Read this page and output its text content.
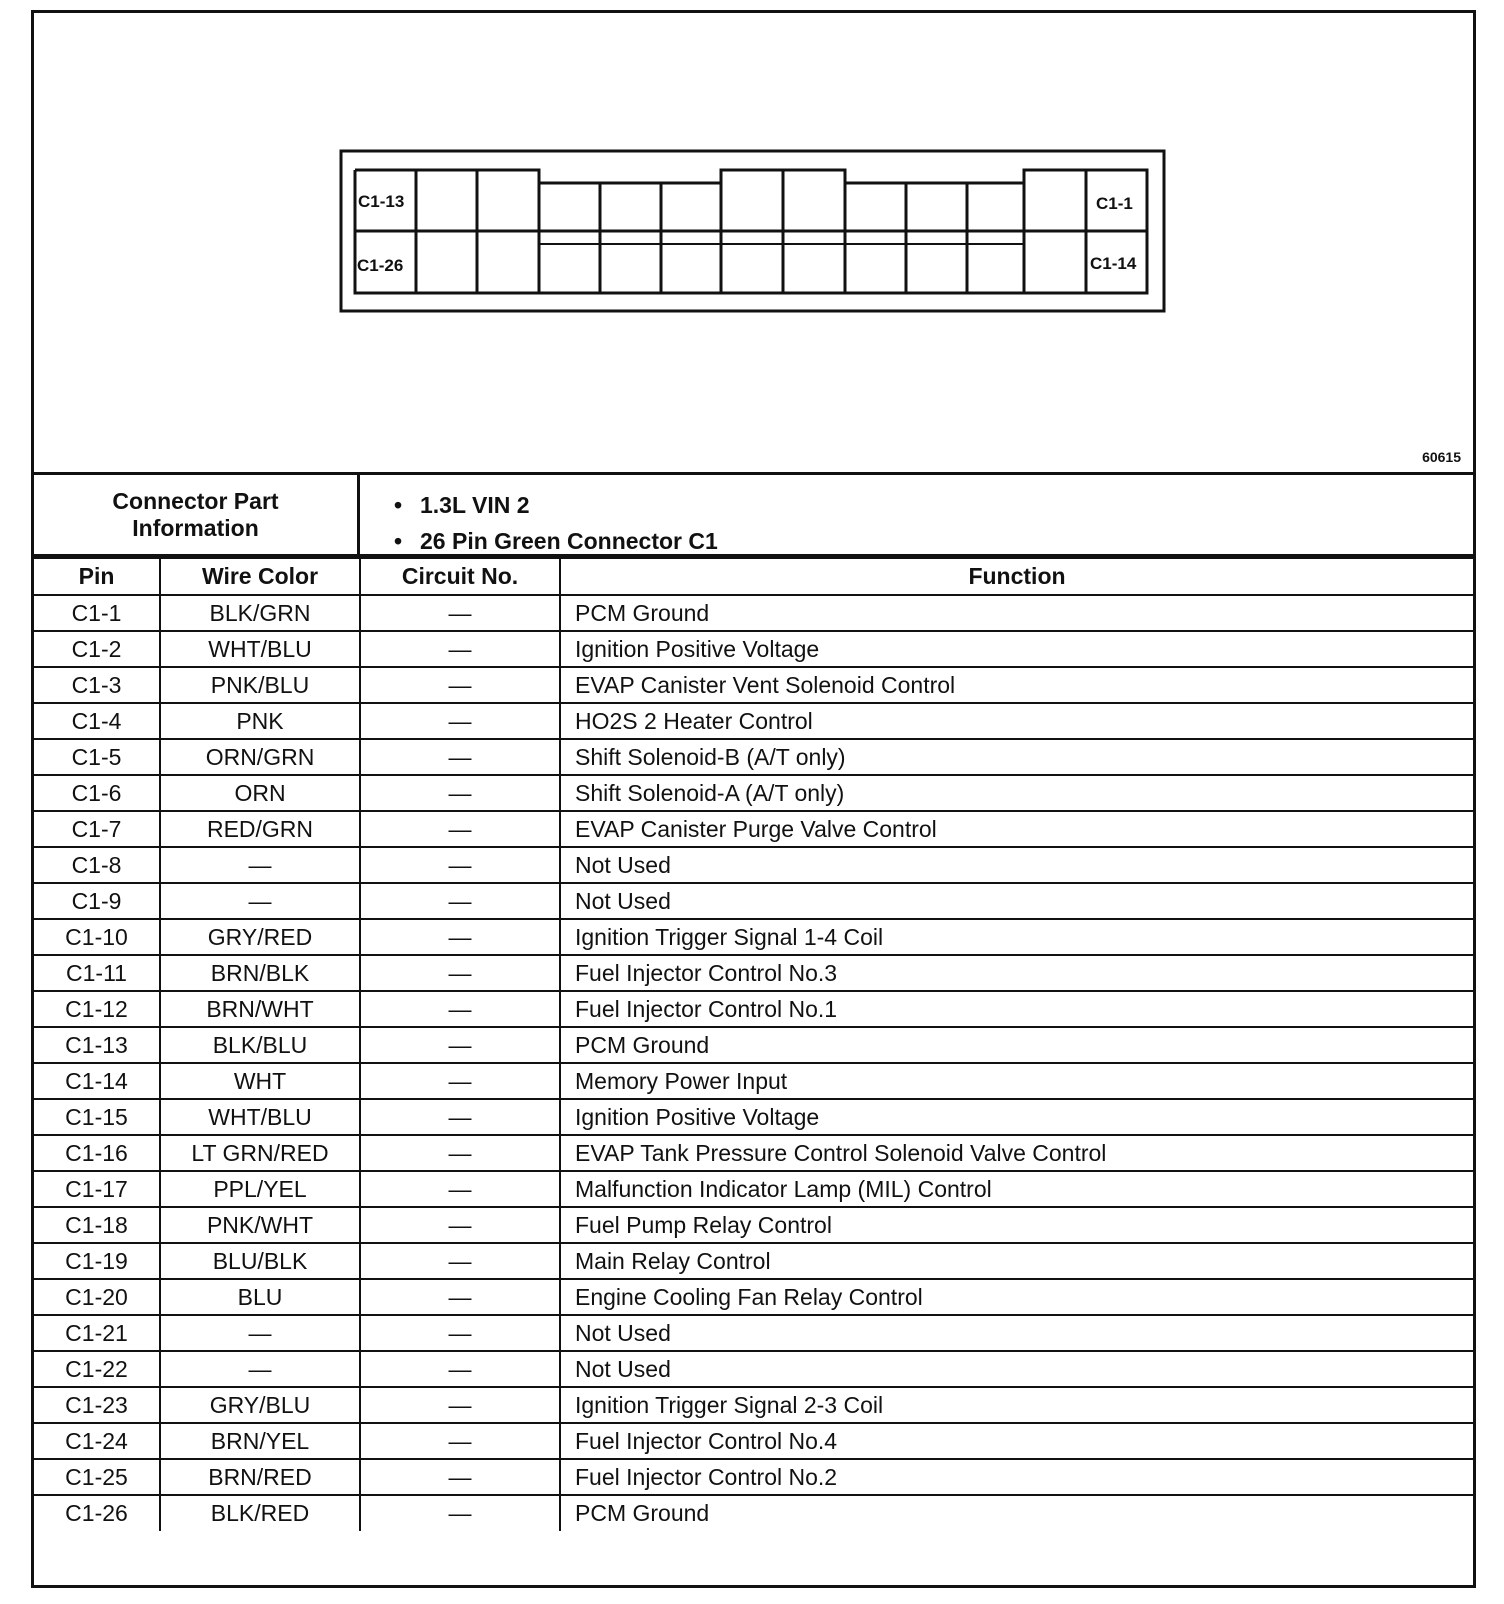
C1-13
C1-26
C1-1
C1-14
60615
Connector Part
Information
• 1.3L VIN 2
• 26 Pin Green Connector C1
Pin	Wire Color	Circuit No.	Function
C1-1	BLK/GRN	—	PCM Ground
C1-2	WHT/BLU	—	Ignition Positive Voltage
C1-3	PNK/BLU	—	EVAP Canister Vent Solenoid Control
C1-4	PNK	—	HO2S 2 Heater Control
C1-5	ORN/GRN	—	Shift Solenoid-B (A/T only)
C1-6	ORN	—	Shift Solenoid-A (A/T only)
C1-7	RED/GRN	—	EVAP Canister Purge Valve Control
C1-8	—	—	Not Used
C1-9	—	—	Not Used
C1-10	GRY/RED	—	Ignition Trigger Signal 1-4 Coil
C1-11	BRN/BLK	—	Fuel Injector Control No.3
C1-12	BRN/WHT	—	Fuel Injector Control No.1
C1-13	BLK/BLU	—	PCM Ground
C1-14	WHT	—	Memory Power Input
C1-15	WHT/BLU	—	Ignition Positive Voltage
C1-16	LT GRN/RED	—	EVAP Tank Pressure Control Solenoid Valve Control
C1-17	PPL/YEL	—	Malfunction Indicator Lamp (MIL) Control
C1-18	PNK/WHT	—	Fuel Pump Relay Control
C1-19	BLU/BLK	—	Main Relay Control
C1-20	BLU	—	Engine Cooling Fan Relay Control
C1-21	—	—	Not Used
C1-22	—	—	Not Used
C1-23	GRY/BLU	—	Ignition Trigger Signal 2-3 Coil
C1-24	BRN/YEL	—	Fuel Injector Control No.4
C1-25	BRN/RED	—	Fuel Injector Control No.2
C1-26	BLK/RED	—	PCM Ground
